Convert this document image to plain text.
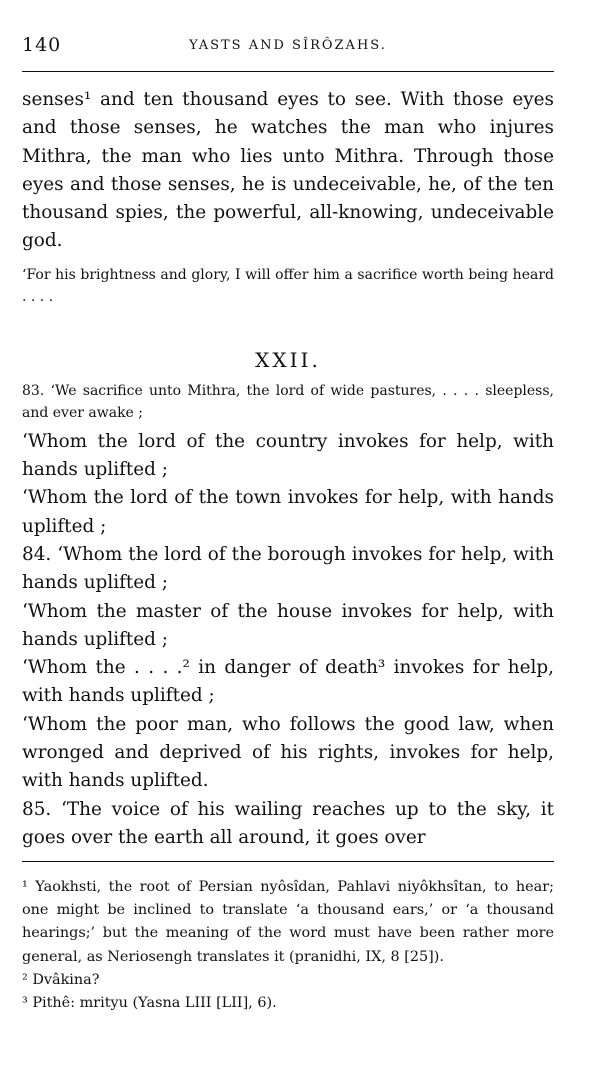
140	YASTS AND SÎRÔZAHS.

senses¹ and ten thousand eyes to see. With those eyes and those senses, he watches the man who injures Mithra, the man who lies unto Mithra. Through those eyes and those senses, he is undeceivable, he, of the ten thousand spies, the powerful, all-knowing, undeceivable god.

‘For his brightness and glory, I will offer him a sacrifice worth being heard . . . .

XXII.

83. ‘We sacrifice unto Mithra, the lord of wide pastures, . . . . sleepless, and ever awake ;

‘Whom the lord of the country invokes for help, with hands uplifted ;

‘Whom the lord of the town invokes for help, with hands uplifted ;

84. ‘Whom the lord of the borough invokes for help, with hands uplifted ;

‘Whom the master of the house invokes for help, with hands uplifted ;

‘Whom the . . . .² in danger of death³ invokes for help, with hands uplifted ;

‘Whom the poor man, who follows the good law, when wronged and deprived of his rights, invokes for help, with hands uplifted.

85. ‘The voice of his wailing reaches up to the sky, it goes over the earth all around, it goes over

¹ Yaokhsti, the root of Persian nyôsîdan, Pahlavi niyôkhsîtan, to hear; one might be inclined to translate ‘a thousand ears,’ or ‘a thousand hearings;’ but the meaning of the word must have been rather more general, as Neriosengh translates it (pranidhi, IX, 8 [25]).

² Dvâkina?

³ Pithê: mrityu (Yasna LIII [LII], 6).
